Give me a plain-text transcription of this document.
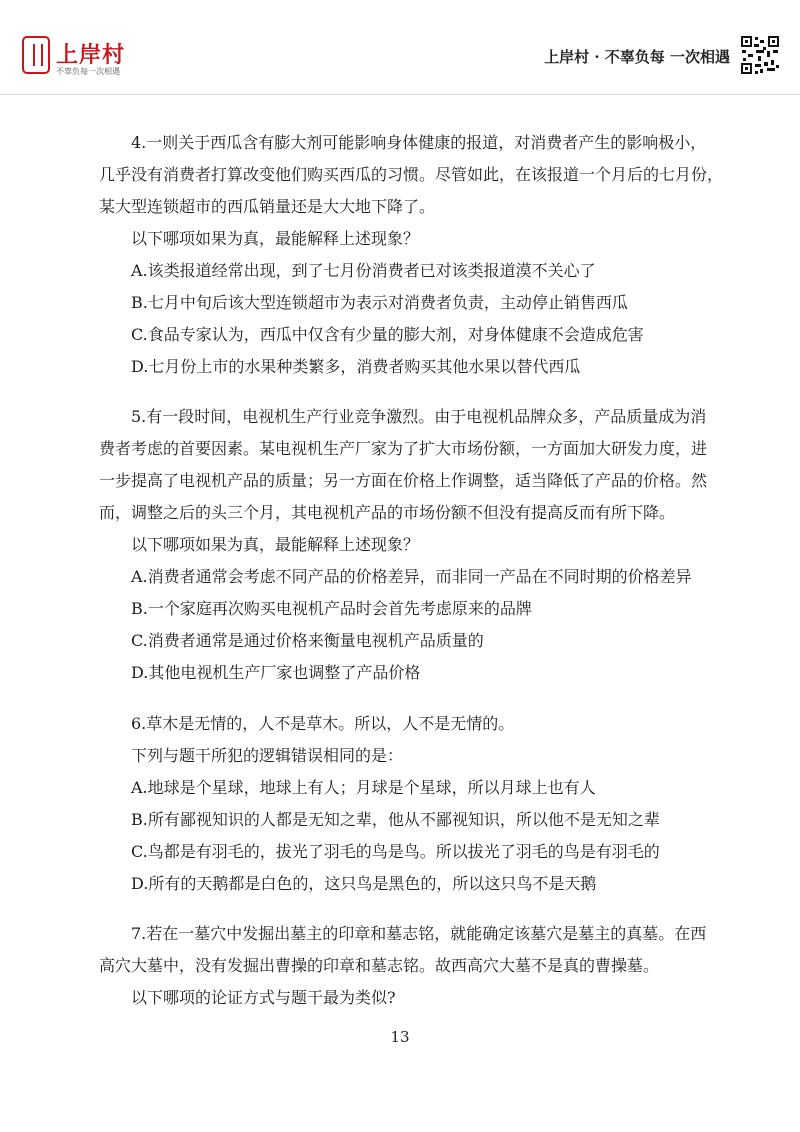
上岸村
不辜负每一次相遇
上岸村 · 不辜负每 一次相遇
4.一则关于西瓜含有膨大剂可能影响身体健康的报道，对消费者产生的影响极小，
几乎没有消费者打算改变他们购买西瓜的习惯。尽管如此，在该报道一个月后的七月份，
某大型连锁超市的西瓜销量还是大大地下降了。
以下哪项如果为真，最能解释上述现象？
A.该类报道经常出现，到了七月份消费者已对该类报道漠不关心了
B.七月中旬后该大型连锁超市为表示对消费者负责，主动停止销售西瓜
C.食品专家认为，西瓜中仅含有少量的膨大剂，对身体健康不会造成危害
D.七月份上市的水果种类繁多，消费者购买其他水果以替代西瓜
5.有一段时间，电视机生产行业竞争激烈。由于电视机品牌众多，产品质量成为消
费者考虑的首要因素。某电视机生产厂家为了扩大市场份额，一方面加大研发力度，进
一步提高了电视机产品的质量；另一方面在价格上作调整，适当降低了产品的价格。然
而，调整之后的头三个月，其电视机产品的市场份额不但没有提高反而有所下降。
以下哪项如果为真，最能解释上述现象？
A.消费者通常会考虑不同产品的价格差异，而非同一产品在不同时期的价格差异
B.一个家庭再次购买电视机产品时会首先考虑原来的品牌
C.消费者通常是通过价格来衡量电视机产品质量的
D.其他电视机生产厂家也调整了产品价格
6.草木是无情的，人不是草木。所以，人不是无情的。
下列与题干所犯的逻辑错误相同的是：
A.地球是个星球，地球上有人；月球是个星球，所以月球上也有人
B.所有鄙视知识的人都是无知之辈，他从不鄙视知识，所以他不是无知之辈
C.鸟都是有羽毛的，拔光了羽毛的鸟是鸟。所以拔光了羽毛的鸟是有羽毛的
D.所有的天鹅都是白色的，这只鸟是黑色的，所以这只鸟不是天鹅
7.若在一墓穴中发掘出墓主的印章和墓志铭，就能确定该墓穴是墓主的真墓。在西
高穴大墓中，没有发掘出曹操的印章和墓志铭。故西高穴大墓不是真的曹操墓。
以下哪项的论证方式与题干最为类似?
13
